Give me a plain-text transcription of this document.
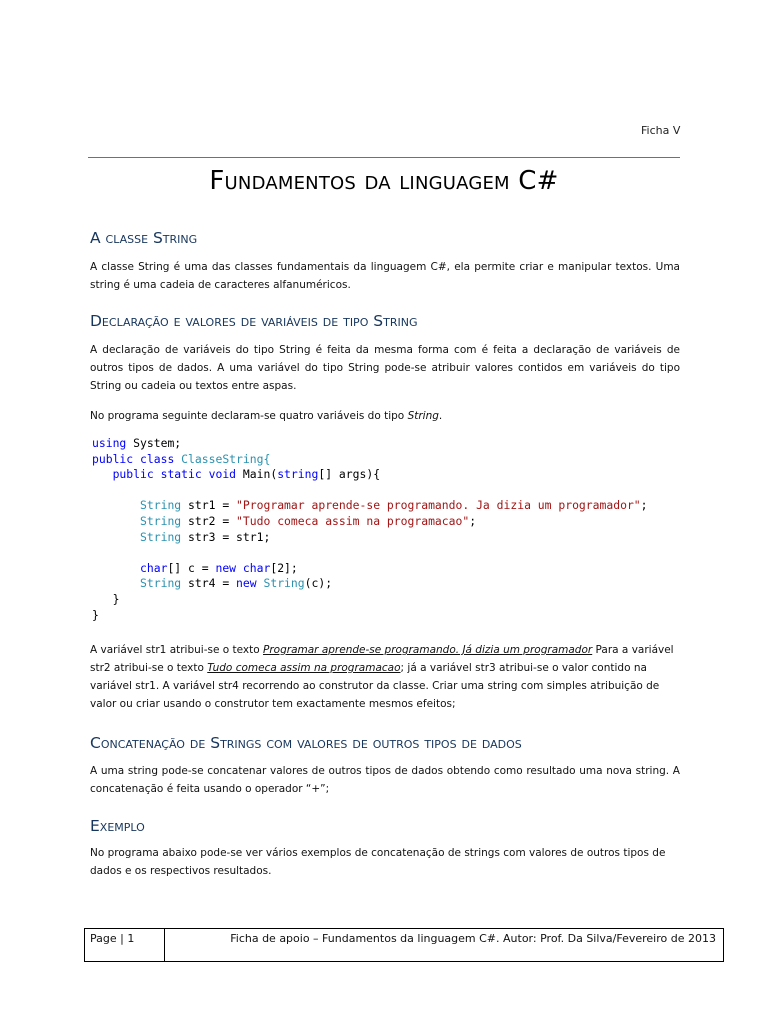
Ficha V
Fundamentos da linguagem C#
A classe String
A classe String é uma das classes fundamentais da linguagem C#, ela permite criar e manipular textos. Uma string é uma cadeia de caracteres alfanuméricos.
Declaração e valores de variáveis de tipo String
A declaração de variáveis do tipo String é feita da mesma forma com é feita a declaração de variáveis de outros tipos de dados. A uma variável do tipo String pode-se atribuir valores contidos em variáveis do tipo String ou cadeia ou textos entre aspas.
No programa seguinte declaram-se quatro variáveis do tipo String.
using System;
public class ClasseString{
public static void Main(string[] args){

String str1 = "Programar aprende-se programando. Ja dizia um programador";
String str2 = "Tudo comeca assim na programacao";
String str3 = str1;

char[] c = new char[2];
String str4 = new String(c);
}
}
A variável str1 atribui-se o texto Programar aprende-se programando. Já dizia um programador Para a variável str2 atribui-se o texto Tudo comeca assim na programacao; já a variável str3 atribui-se o valor contido na variável str1. A variável str4 recorrendo ao construtor da classe. Criar uma string com simples atribuição de valor ou criar usando o construtor tem exactamente mesmos efeitos;
Concatenação de Strings com valores de outros tipos de dados
A uma string pode-se concatenar valores de outros tipos de dados obtendo como resultado uma nova string. A concatenação é feita usando o operador “+”;
Exemplo
No programa abaixo pode-se ver vários exemplos de concatenação de strings com valores de outros tipos de dados e os respectivos resultados.
Page | 1	Ficha de apoio – Fundamentos da linguagem C#. Autor: Prof. Da Silva/Fevereiro de 2013
